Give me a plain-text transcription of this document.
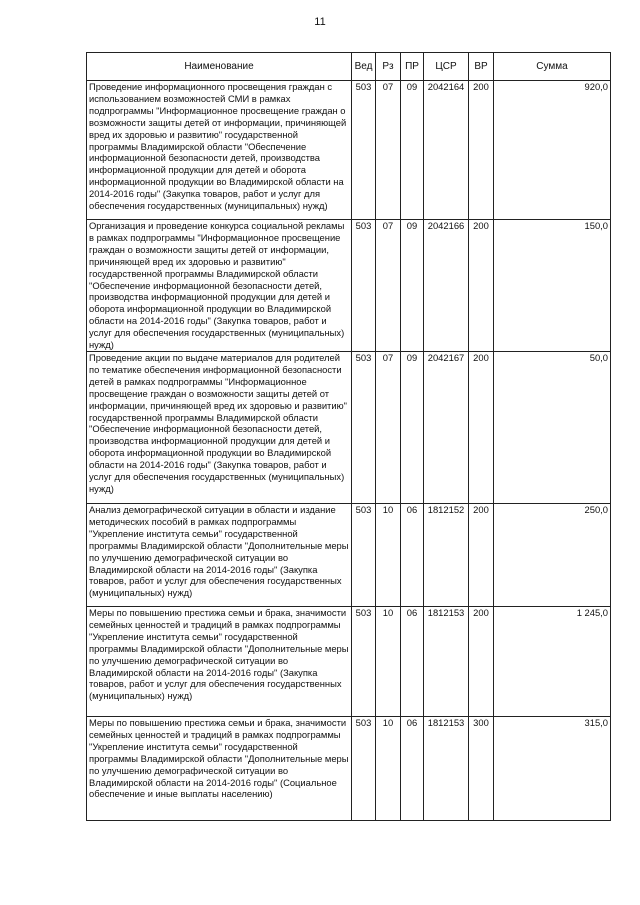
11
Наименование	Вед	Рз	ПР	ЦСР	ВР	Сумма
Проведение информационного просвещения граждан с использованием возможностей СМИ в рамках подпрограммы "Информационное просвещение граждан о возможности защиты детей от информации, причиняющей вред их здоровью и развитию" государственной программы Владимирской области "Обеспечение информационной безопасности детей, производства информационной продукции для детей и оборота информационной продукции во Владимирской области на 2014-2016 годы" (Закупка товаров, работ и услуг для обеспечения государственных (муниципальных) нужд)	503	07	09	2042164	200	920,0
Организация и проведение конкурса социальной рекламы в рамках подпрограммы "Информационное просвещение граждан о возможности защиты детей от информации, причиняющей вред их здоровью и развитию" государственной программы Владимирской области "Обеспечение информационной безопасности детей, производства информационной продукции для детей и оборота информационной продукции во Владимирской области на 2014-2016 годы" (Закупка товаров, работ и услуг для обеспечения государственных (муниципальных) нужд)	503	07	09	2042166	200	150,0
Проведение акции по выдаче материалов для родителей по тематике обеспечения информационной безопасности детей в рамках подпрограммы "Информационное просвещение граждан о возможности защиты детей от информации, причиняющей вред их здоровью и развитию" государственной программы Владимирской области "Обеспечение информационной безопасности детей, производства информационной продукции для детей и оборота информационной продукции во Владимирской области на 2014-2016 годы" (Закупка товаров, работ и услуг для обеспечения государственных (муниципальных) нужд)	503	07	09	2042167	200	50,0
Анализ демографической ситуации в области и издание методических пособий в рамках подпрограммы "Укрепление института семьи" государственной программы Владимирской области "Дополнительные меры по улучшению демографической ситуации во Владимирской области на 2014-2016 годы" (Закупка товаров, работ и услуг для обеспечения государственных (муниципальных) нужд)	503	10	06	1812152	200	250,0
Меры по повышению престижа семьи и брака, значимости семейных ценностей и традиций в рамках подпрограммы "Укрепление института семьи" государственной программы Владимирской области "Дополнительные меры по улучшению демографической ситуации во Владимирской области на 2014-2016 годы" (Закупка товаров, работ и услуг для обеспечения государственных (муниципальных) нужд)	503	10	06	1812153	200	1 245,0
Меры по повышению престижа семьи и брака, значимости семейных ценностей и традиций в рамках подпрограммы "Укрепление института семьи" государственной программы Владимирской области "Дополнительные меры по улучшению демографической ситуации во Владимирской области на 2014-2016 годы" (Социальное обеспечение и иные выплаты населению)	503	10	06	1812153	300	315,0
